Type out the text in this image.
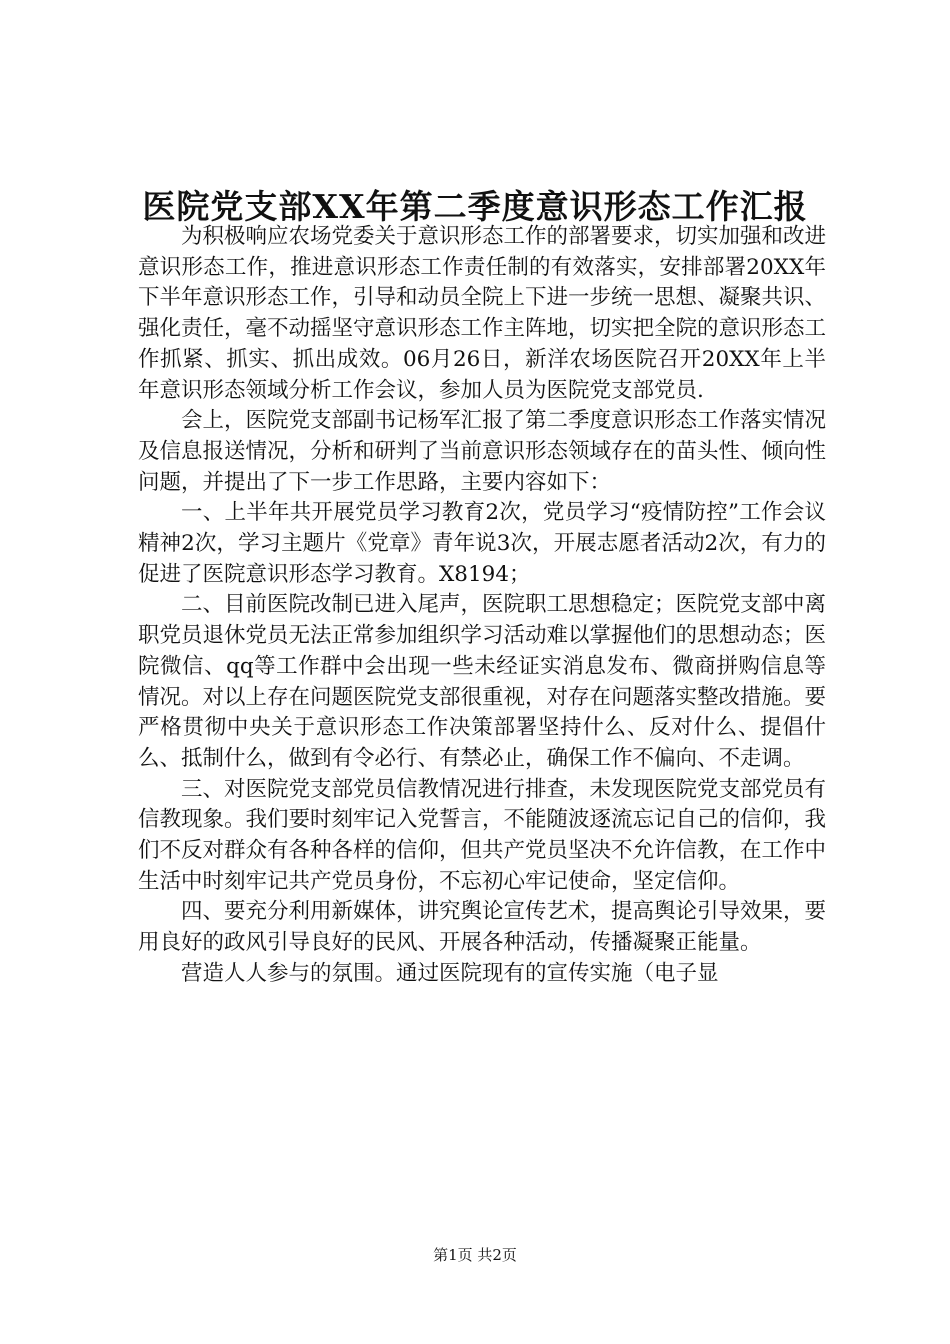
医院党支部XX年第二季度意识形态工作汇报

为积极响应农场党委关于意识形态工作的部署要求，切实加强和改进意识形态工作，推进意识形态工作责任制的有效落实，安排部署20XX年下半年意识形态工作，引导和动员全院上下进一步统一思想、凝聚共识、强化责任，毫不动摇坚守意识形态工作主阵地，切实把全院的意识形态工作抓紧、抓实、抓出成效。06月26日，新洋农场医院召开20XX年上半年意识形态领域分析工作会议，参加人员为医院党支部党员.

会上，医院党支部副书记杨军汇报了第二季度意识形态工作落实情况及信息报送情况，分析和研判了当前意识形态领域存在的苗头性、倾向性问题，并提出了下一步工作思路，主要内容如下：

一、上半年共开展党员学习教育2次，党员学习“疫情防控”工作会议精神2次，学习主题片《党章》青年说3次，开展志愿者活动2次，有力的促进了医院意识形态学习教育。X8194；

二、目前医院改制已进入尾声，医院职工思想稳定；医院党支部中离职党员退休党员无法正常参加组织学习活动难以掌握他们的思想动态；医院微信、qq等工作群中会出现一些未经证实消息发布、微商拼购信息等情况。对以上存在问题医院党支部很重视，对存在问题落实整改措施。要严格贯彻中央关于意识形态工作决策部署坚持什么、反对什么、提倡什么、抵制什么，做到有令必行、有禁必止，确保工作不偏向、不走调。

三、对医院党支部党员信教情况进行排查，未发现医院党支部党员有信教现象。我们要时刻牢记入党誓言，不能随波逐流忘记自己的信仰，我们不反对群众有各种各样的信仰，但共产党员坚决不允许信教，在工作中生活中时刻牢记共产党员身份，不忘初心牢记使命，坚定信仰。

四、要充分利用新媒体，讲究舆论宣传艺术，提高舆论引导效果，要用良好的政风引导良好的民风、开展各种活动，传播凝聚正能量。

营造人人参与的氛围。通过医院现有的宣传实施（电子显

第1页 共2页
